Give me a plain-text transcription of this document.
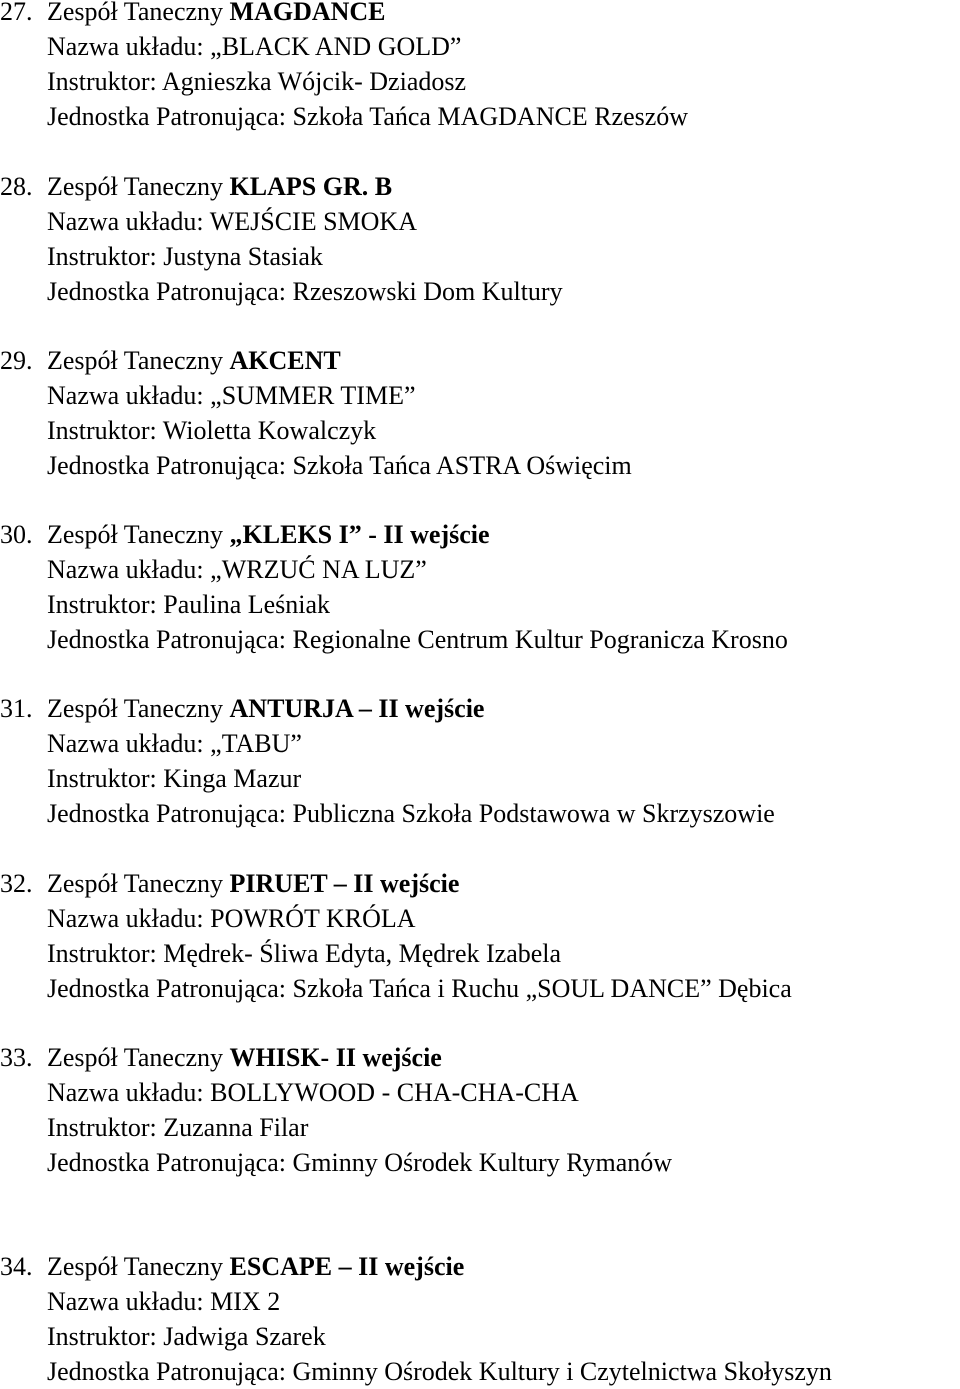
27. Zespół Taneczny MAGDANCE
Nazwa układu: „BLACK AND GOLD”
Instruktor: Agnieszka Wójcik- Dziadosz
Jednostka Patronująca: Szkoła Tańca MAGDANCE Rzeszów
28. Zespół Taneczny KLAPS GR. B
Nazwa układu: WEJŚCIE SMOKA
Instruktor: Justyna Stasiak
Jednostka Patronująca: Rzeszowski Dom Kultury
29. Zespół Taneczny AKCENT
Nazwa układu: „SUMMER TIME”
Instruktor: Wioletta Kowalczyk
Jednostka Patronująca: Szkoła Tańca ASTRA Oświęcim
30. Zespół Taneczny „KLEKS I” - II wejście
Nazwa układu: „WRZUĆ NA LUZ”
Instruktor: Paulina Leśniak
Jednostka Patronująca: Regionalne Centrum Kultur Pogranicza Krosno
31. Zespół Taneczny ANTURJA – II wejście
Nazwa układu: „TABU”
Instruktor: Kinga Mazur
Jednostka Patronująca: Publiczna Szkoła Podstawowa w Skrzyszowie
32. Zespół Taneczny PIRUET – II wejście
Nazwa układu: POWRÓT KRÓLA
Instruktor: Mędrek- Śliwa Edyta, Mędrek Izabela
Jednostka Patronująca: Szkoła Tańca i Ruchu „SOUL DANCE” Dębica
33. Zespół Taneczny WHISK- II wejście
Nazwa układu: BOLLYWOOD - CHA-CHA-CHA
Instruktor: Zuzanna Filar
Jednostka Patronująca: Gminny Ośrodek Kultury Rymanów
34. Zespół Taneczny ESCAPE – II wejście
Nazwa układu: MIX 2
Instruktor: Jadwiga Szarek
Jednostka Patronująca: Gminny Ośrodek Kultury i Czytelnictwa Skołyszyn
